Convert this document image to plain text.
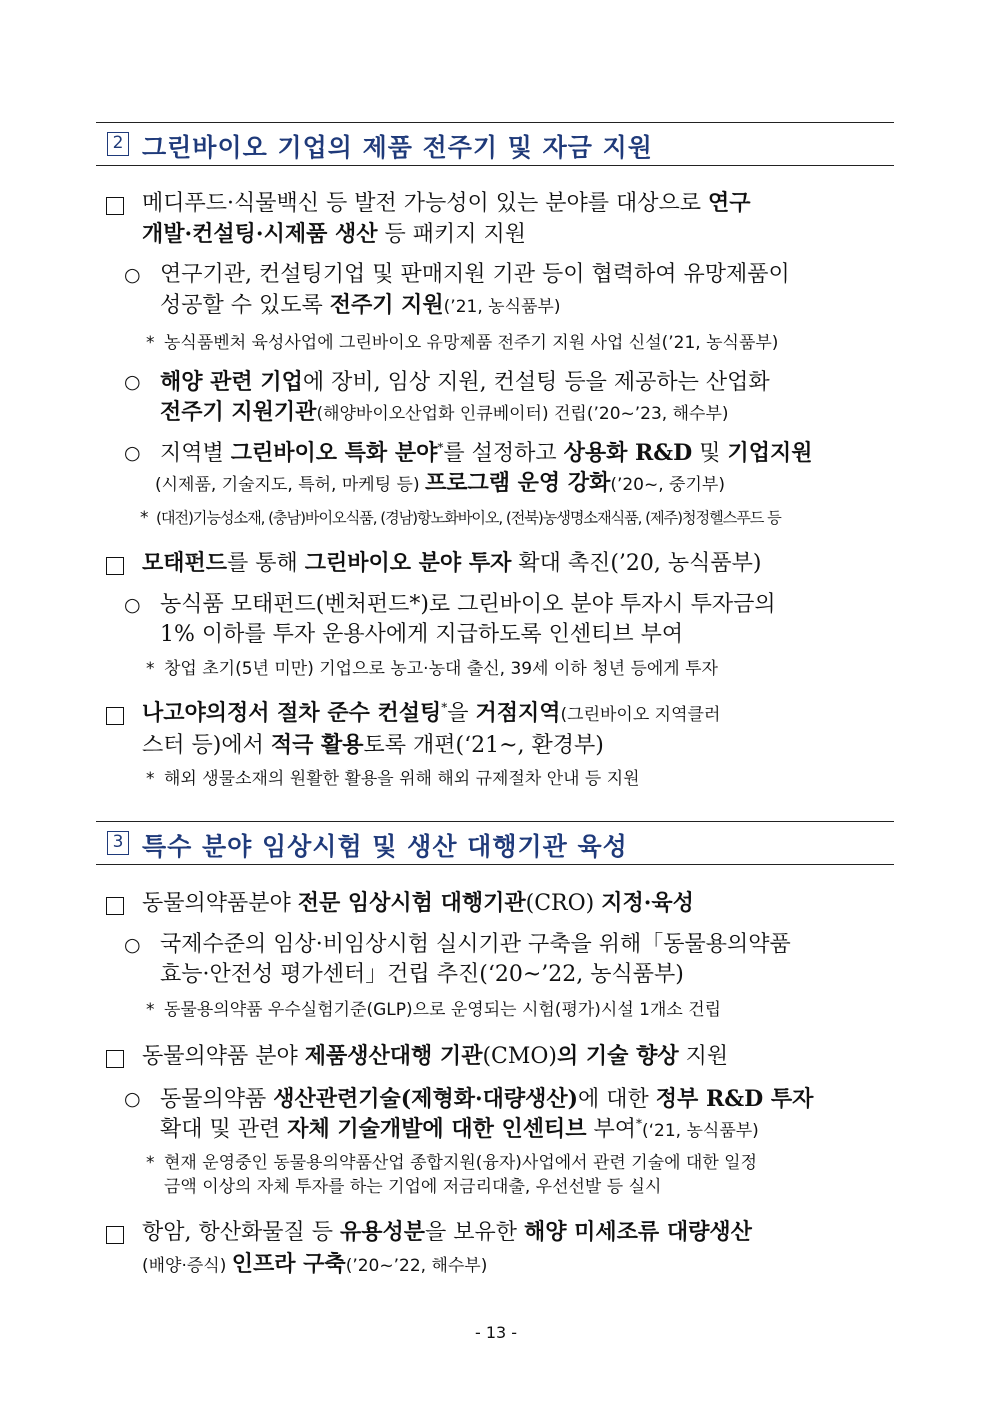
2 그린바이오 기업의 제품 전주기 및 자금 지원
메디푸드·식물백신 등 발전 가능성이 있는 분야를 대상으로 연구
개발·컨설팅·시제품 생산 등 패키지 지원
○ 연구기관, 컨설팅기업 및 판매지원 기관 등이 협력하여 유망제품이
성공할 수 있도록 전주기 지원(’21, 농식품부)
* 농식품벤처 육성사업에 그린바이오 유망제품 전주기 지원 사업 신설(’21, 농식품부)
○ 해양 관련 기업에 장비, 임상 지원, 컨설팅 등을 제공하는 산업화
전주기 지원기관(해양바이오산업화 인큐베이터) 건립(’20~’23, 해수부)
○ 지역별 그린바이오 특화 분야*를 설정하고 상용화 R&D 및 기업지원
(시제품, 기술지도, 특허, 마케팅 등) 프로그램 운영 강화(’20~, 중기부)
* (대전)기능성소재, (충남)바이오식품, (경남)항노화바이오, (전북)농생명소재식품, (제주)청정헬스푸드 등
모태펀드를 통해 그린바이오 분야 투자 확대 촉진(’20, 농식품부)
○ 농식품 모태펀드(벤처펀드*)로 그린바이오 분야 투자시 투자금의
1% 이하를 투자 운용사에게 지급하도록 인센티브 부여
* 창업 초기(5년 미만) 기업으로 농고·농대 출신, 39세 이하 청년 등에게 투자
나고야의정서 절차 준수 컨설팅*을 거점지역(그린바이오 지역클러
스터 등)에서 적극 활용토록 개편(‘21~, 환경부)
* 해외 생물소재의 원활한 활용을 위해 해외 규제절차 안내 등 지원
3 특수 분야 임상시험 및 생산 대행기관 육성
동물의약품분야 전문 임상시험 대행기관(CRO) 지정·육성
○ 국제수준의 임상·비임상시험 실시기관 구축을 위해「동물용의약품
효능·안전성 평가센터」건립 추진(‘20~’22, 농식품부)
* 동물용의약품 우수실험기준(GLP)으로 운영되는 시험(평가)시설 1개소 건립
동물의약품 분야 제품생산대행 기관(CMO)의 기술 향상 지원
○ 동물의약품 생산관련기술(제형화·대량생산)에 대한 정부 R&D 투자
확대 및 관련 자체 기술개발에 대한 인센티브 부여*(‘21, 농식품부)
* 현재 운영중인 동물용의약품산업 종합지원(융자)사업에서 관련 기술에 대한 일정
금액 이상의 자체 투자를 하는 기업에 저금리대출, 우선선발 등 실시
항암, 항산화물질 등 유용성분을 보유한 해양 미세조류 대량생산
(배양·증식) 인프라 구축(’20~’22, 해수부)
- 13 -
